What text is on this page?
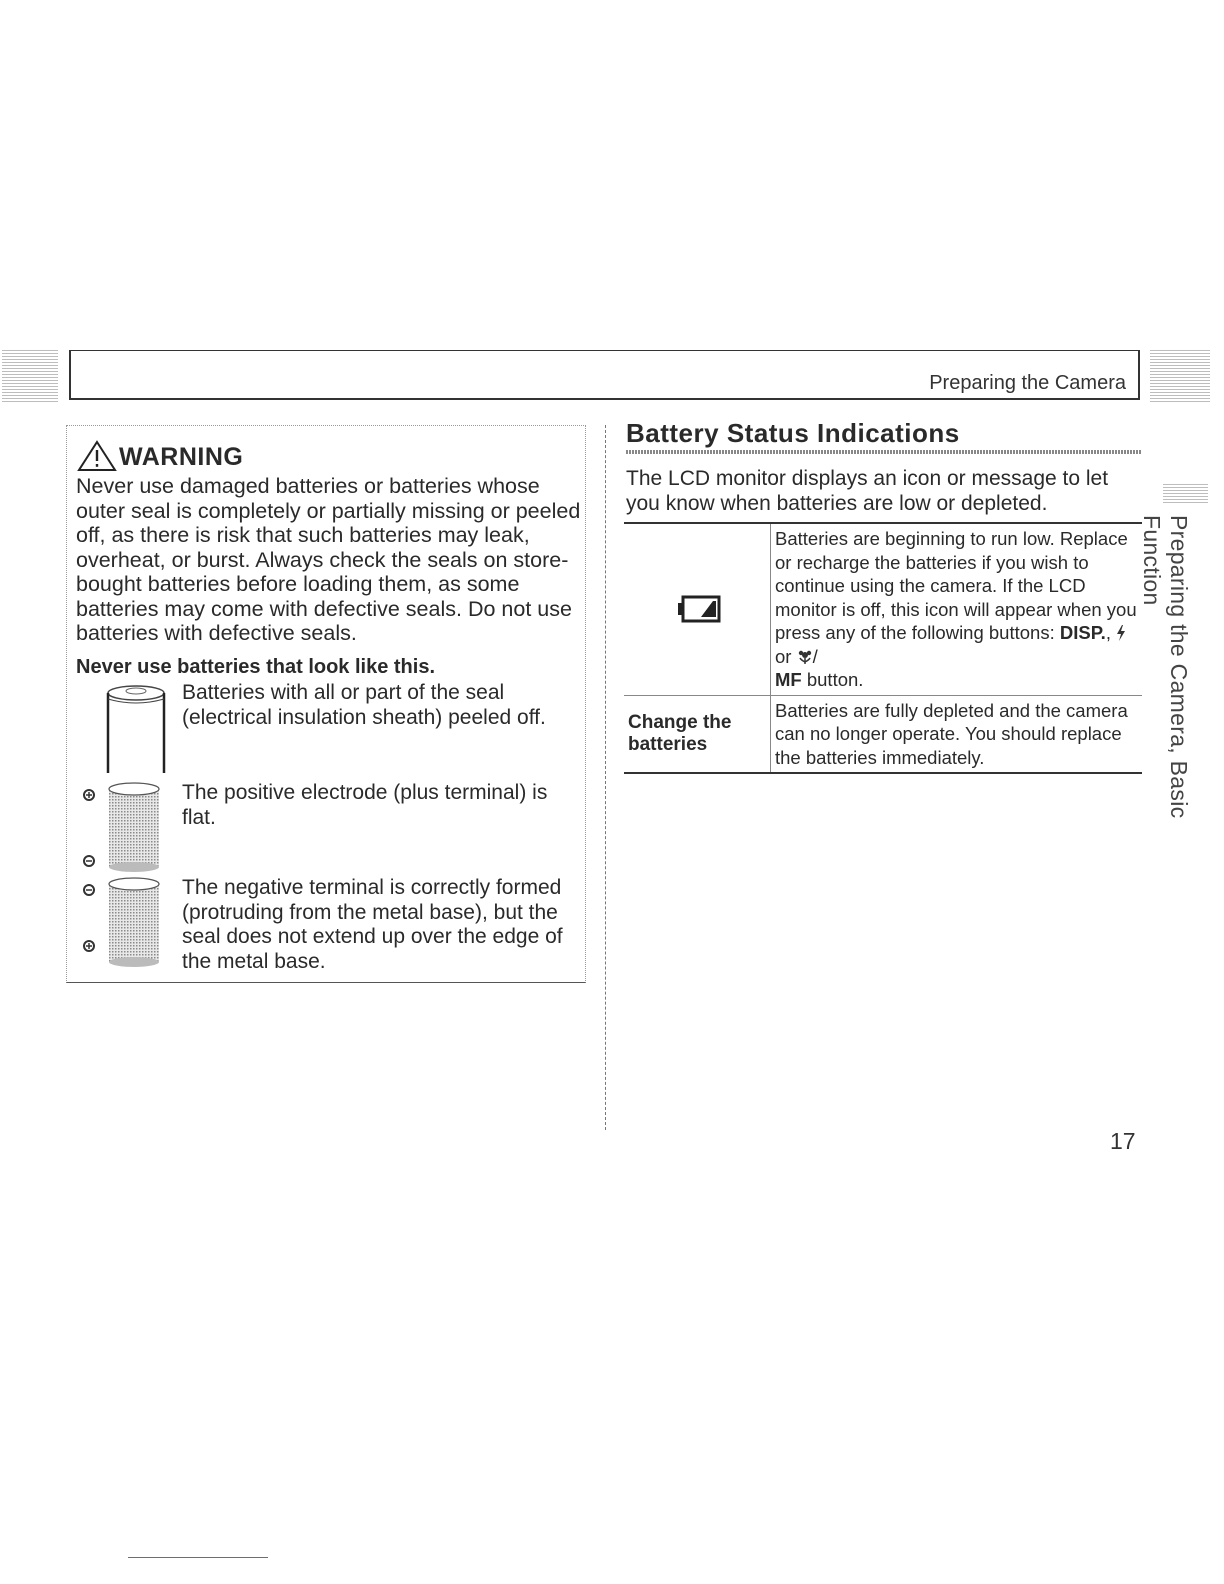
Preparing the Camera
WARNING

Never use damaged batteries or batteries whose outer seal is completely or partially missing or peeled off, as there is risk that such batteries may leak, overheat, or burst. Always check the seals on store-bought batteries before loading them, as some batteries may come with defective seals. Do not use batteries with defective seals.

Never use batteries that look like this.

Batteries with all or part of the seal (electrical insulation sheath) peeled off.

The positive electrode (plus terminal) is flat.

The negative terminal is correctly formed (protruding from the metal base), but the seal does not extend up over the edge of the metal base.

Battery Status Indications

The LCD monitor displays an icon or message to let you know when batteries are low or depleted.

Batteries are beginning to run low. Replace or recharge the batteries if you wish to continue using the camera. If the LCD monitor is off, this icon will appear when you press any of the following buttons: DISP.,  or /
MF button.
Change the batteries
Batteries are fully depleted and the camera can no longer operate. You should replace the batteries immediately.	Preparing the Camera, Basic Function
17
